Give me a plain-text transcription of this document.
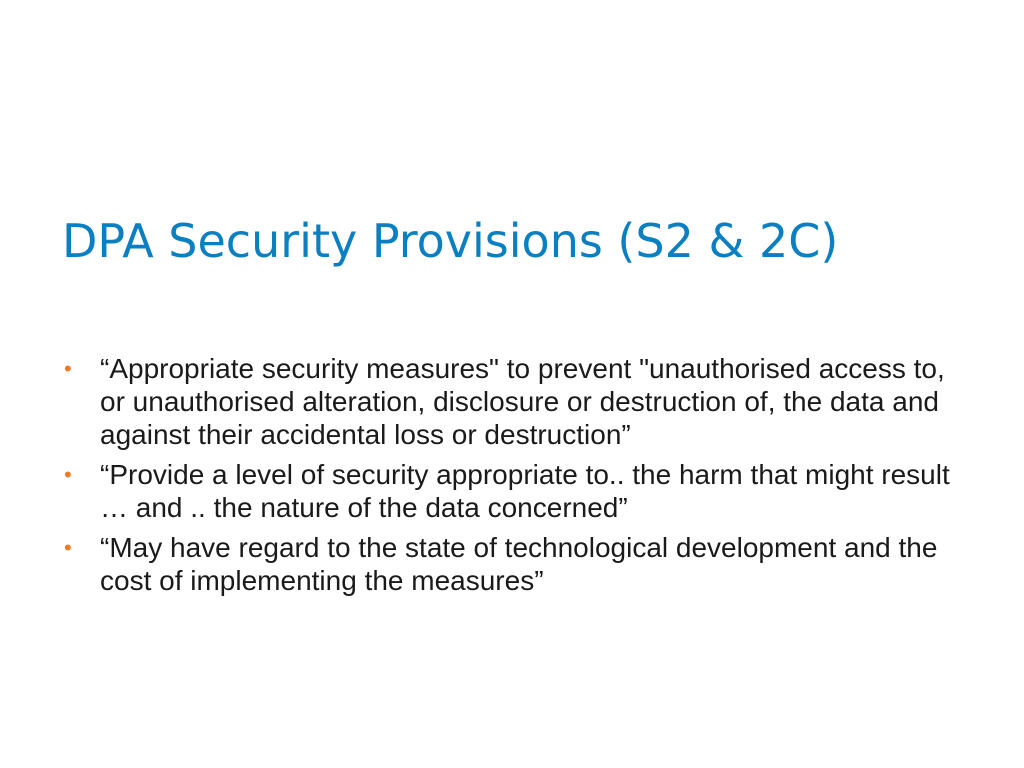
DPA Security Provisions (S2 & 2C)
• “Appropriate security measures" to prevent "unauthorised access to, or unauthorised alteration, disclosure or destruction of, the data and against their accidental loss or destruction”
• “Provide a level of security appropriate to.. the harm that might result … and .. the nature of the data concerned”
• “May have regard to the state of technological development and the cost of implementing the measures”
